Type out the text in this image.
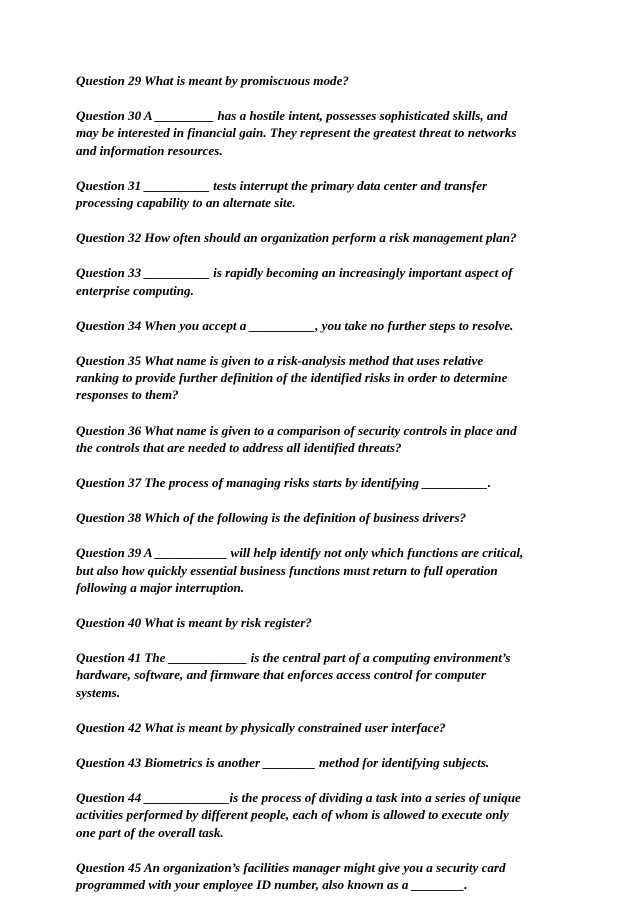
Question 29 What is meant by promiscuous mode?

Question 30 A _________ has a hostile intent, possesses sophisticated skills, and
may be interested in financial gain. They represent the greatest threat to networks
and information resources.

Question 31 __________ tests interrupt the primary data center and transfer
processing capability to an alternate site.

Question 32 How often should an organization perform a risk management plan?

Question 33 __________ is rapidly becoming an increasingly important aspect of
enterprise computing.

Question 34 When you accept a __________, you take no further steps to resolve.

Question 35 What name is given to a risk-analysis method that uses relative
ranking to provide further definition of the identified risks in order to determine
responses to them?

Question 36 What name is given to a comparison of security controls in place and
the controls that are needed to address all identified threats?

Question 37 The process of managing risks starts by identifying __________.

Question 38 Which of the following is the definition of business drivers?

Question 39 A ___________ will help identify not only which functions are critical,
but also how quickly essential business functions must return to full operation
following a major interruption.

Question 40 What is meant by risk register?

Question 41 The ____________ is the central part of a computing environment’s
hardware, software, and firmware that enforces access control for computer
systems.

Question 42 What is meant by physically constrained user interface?

Question 43 Biometrics is another ________ method for identifying subjects.

Question 44 _____________is the process of dividing a task into a series of unique
activities performed by different people, each of whom is allowed to execute only
one part of the overall task.

Question 45 An organization’s facilities manager might give you a security card
programmed with your employee ID number, also known as a ________.
